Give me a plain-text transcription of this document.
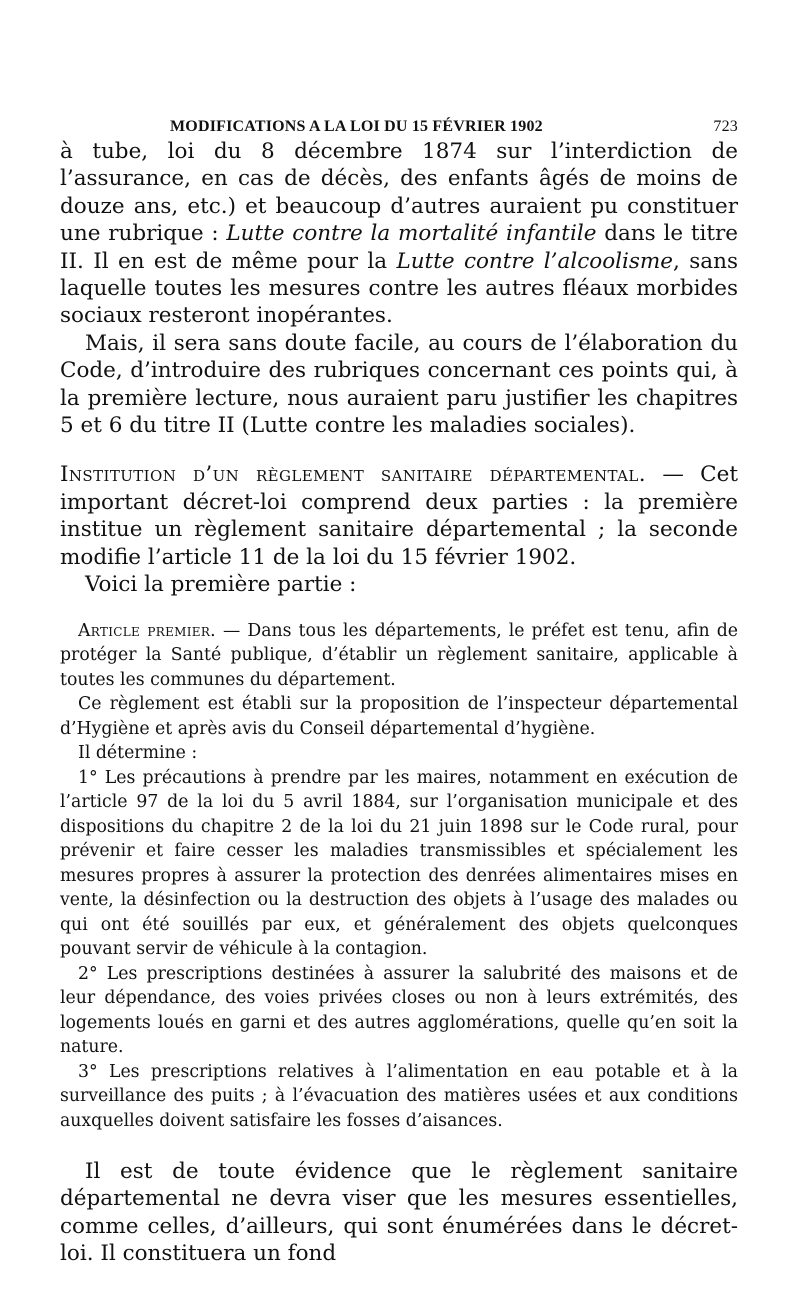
MODIFICATIONS A LA LOI DU 15 FÉVRIER 1902	723

à tube, loi du 8 décembre 1874 sur l’interdiction de l’assurance, en cas de décès, des enfants âgés de moins de douze ans, etc.) et beaucoup d’autres auraient pu constituer une rubrique : Lutte contre la mortalité infantile dans le titre II. Il en est de même pour la Lutte contre l’alcoolisme, sans laquelle toutes les mesures contre les autres fléaux morbides sociaux resteront inopérantes.

Mais, il sera sans doute facile, au cours de l’élaboration du Code, d’introduire des rubriques concernant ces points qui, à la première lecture, nous auraient paru justifier les chapitres 5 et 6 du titre II (Lutte contre les maladies sociales).

Institution d’un règlement sanitaire départemental. — Cet important décret-loi comprend deux parties : la première institue un règlement sanitaire départemental ; la seconde modifie l’article 11 de la loi du 15 février 1902.

Voici la première partie :

Article premier. — Dans tous les départements, le préfet est tenu, afin de protéger la Santé publique, d’établir un règlement sanitaire, applicable à toutes les communes du département.

Ce règlement est établi sur la proposition de l’inspecteur départemental d’Hygiène et après avis du Conseil départemental d’hygiène.

Il détermine :

1° Les précautions à prendre par les maires, notamment en exécution de l’article 97 de la loi du 5 avril 1884, sur l’organisation municipale et des dispositions du chapitre 2 de la loi du 21 juin 1898 sur le Code rural, pour prévenir et faire cesser les maladies transmissibles et spécialement les mesures propres à assurer la protection des denrées alimentaires mises en vente, la désinfection ou la destruction des objets à l’usage des malades ou qui ont été souillés par eux, et généralement des objets quelconques pouvant servir de véhicule à la contagion.

2° Les prescriptions destinées à assurer la salubrité des maisons et de leur dépendance, des voies privées closes ou non à leurs extrémités, des logements loués en garni et des autres agglomérations, quelle qu’en soit la nature.

3° Les prescriptions relatives à l’alimentation en eau potable et à la surveillance des puits ; à l’évacuation des matières usées et aux conditions auxquelles doivent satisfaire les fosses d’aisances.

Il est de toute évidence que le règlement sanitaire départemental ne devra viser que les mesures essentielles, comme celles, d’ailleurs, qui sont énumérées dans le décret-loi. Il constituera un fond
